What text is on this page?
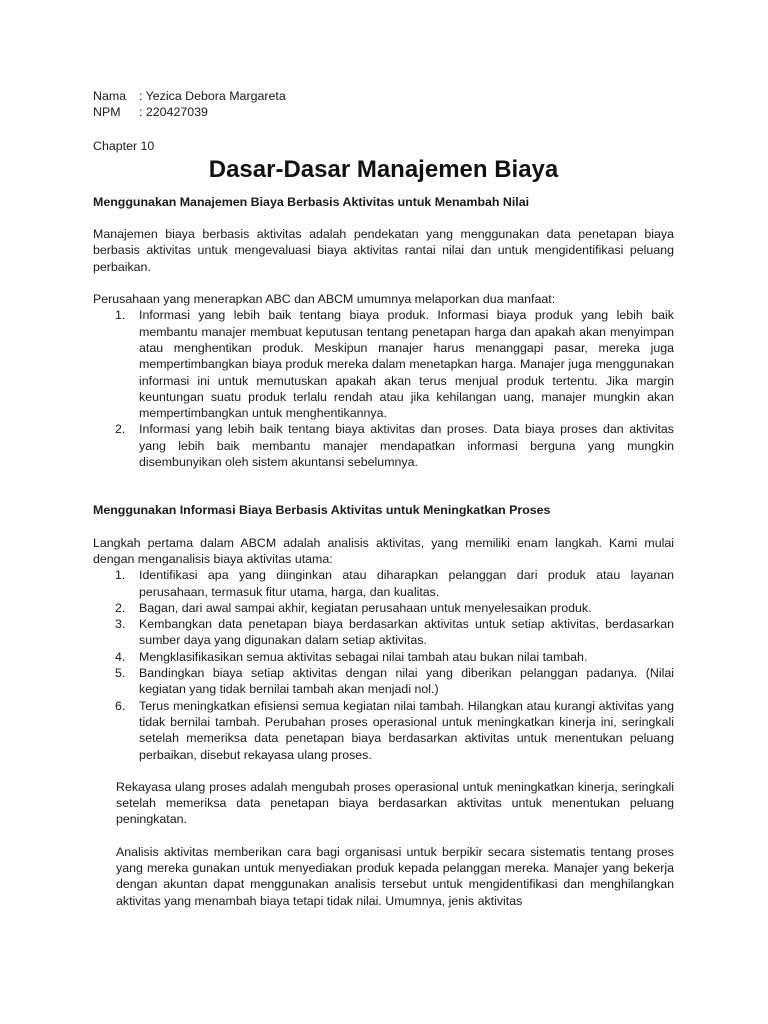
Nama	: Yezica Debora Margareta
NPM	: 220427039
Chapter 10
Dasar-Dasar Manajemen Biaya
Menggunakan Manajemen Biaya Berbasis Aktivitas untuk Menambah Nilai

Manajemen biaya berbasis aktivitas adalah pendekatan yang menggunakan data penetapan biaya berbasis aktivitas untuk mengevaluasi biaya aktivitas rantai nilai dan untuk mengidentifikasi peluang perbaikan.

Perusahaan yang menerapkan ABC dan ABCM umumnya melaporkan dua manfaat:

1. Informasi yang lebih baik tentang biaya produk. Informasi biaya produk yang lebih baik membantu manajer membuat keputusan tentang penetapan harga dan apakah akan menyimpan atau menghentikan produk. Meskipun manajer harus menanggapi pasar, mereka juga mempertimbangkan biaya produk mereka dalam menetapkan harga. Manajer juga menggunakan informasi ini untuk memutuskan apakah akan terus menjual produk tertentu. Jika margin keuntungan suatu produk terlalu rendah atau jika kehilangan uang, manajer mungkin akan mempertimbangkan untuk menghentikannya.
2. Informasi yang lebih baik tentang biaya aktivitas dan proses. Data biaya proses dan aktivitas yang lebih baik membantu manajer mendapatkan informasi berguna yang mungkin disembunyikan oleh sistem akuntansi sebelumnya.
Menggunakan Informasi Biaya Berbasis Aktivitas untuk Meningkatkan Proses

Langkah pertama dalam ABCM adalah analisis aktivitas, yang memiliki enam langkah. Kami mulai dengan menganalisis biaya aktivitas utama:

1. Identifikasi apa yang diinginkan atau diharapkan pelanggan dari produk atau layanan perusahaan, termasuk fitur utama, harga, dan kualitas.
2. Bagan, dari awal sampai akhir, kegiatan perusahaan untuk menyelesaikan produk.
3. Kembangkan data penetapan biaya berdasarkan aktivitas untuk setiap aktivitas, berdasarkan sumber daya yang digunakan dalam setiap aktivitas.
4. Mengklasifikasikan semua aktivitas sebagai nilai tambah atau bukan nilai tambah.
5. Bandingkan biaya setiap aktivitas dengan nilai yang diberikan pelanggan padanya. (Nilai kegiatan yang tidak bernilai tambah akan menjadi nol.)
6. Terus meningkatkan efisiensi semua kegiatan nilai tambah. Hilangkan atau kurangi aktivitas yang tidak bernilai tambah. Perubahan proses operasional untuk meningkatkan kinerja ini, seringkali setelah memeriksa data penetapan biaya berdasarkan aktivitas untuk menentukan peluang perbaikan, disebut rekayasa ulang proses.

Rekayasa ulang proses adalah mengubah proses operasional untuk meningkatkan kinerja, seringkali setelah memeriksa data penetapan biaya berdasarkan aktivitas untuk menentukan peluang peningkatan.

Analisis aktivitas memberikan cara bagi organisasi untuk berpikir secara sistematis tentang proses yang mereka gunakan untuk menyediakan produk kepada pelanggan mereka. Manajer yang bekerja dengan akuntan dapat menggunakan analisis tersebut untuk mengidentifikasi dan menghilangkan aktivitas yang menambah biaya tetapi tidak nilai. Umumnya, jenis aktivitas
